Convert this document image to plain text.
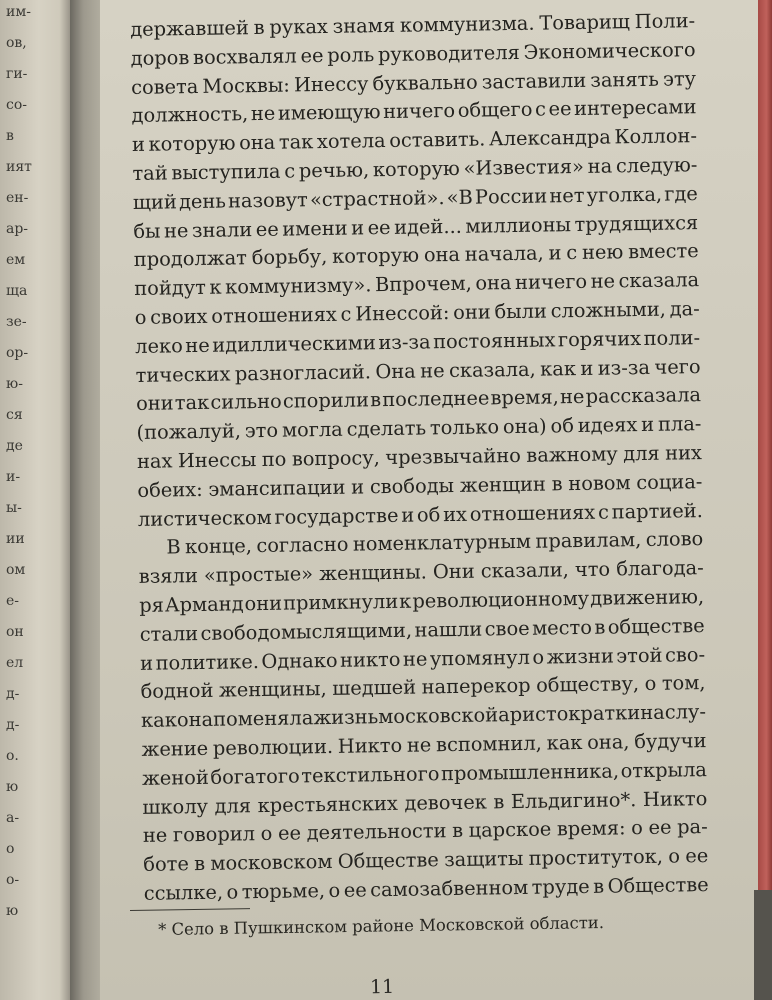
им-
ов,
ги-
со-
в
ият
ен-
ар-
ем
ща
зе-
ор-
ю-
ся
де
и-
ы-
ии
ом
е-
он
ел
д-
д-
о.
ю
а-
о
о-
ю
державшей в руках знамя коммунизма. Товарищ Поли-
доров восхвалял ее роль руководителя Экономического
совета Москвы: Инессу буквально заставили занять эту
должность, не имеющую ничего общего с ее интересами
и которую она так хотела оставить. Александра Коллон-
тай выступила с речью, которую «Известия» на следую-
щий день назовут «страстной». «В России нет уголка, где
бы не знали ее имени и ее идей... миллионы трудящихся
продолжат борьбу, которую она начала, и с нею вместе
пойдут к коммунизму». Впрочем, она ничего не сказала
о своих отношениях с Инессой: они были сложными, да-
леко не идиллическими из-за постоянных горячих поли-
тических разногласий. Она не сказала, как и из-за чего
они так сильно спорили в последнее время, не рассказала
(пожалуй, это могла сделать только она) об идеях и пла-
нах Инессы по вопросу, чрезвычайно важному для них
обеих: эмансипации и свободы женщин в новом социа-
листическом государстве и об их отношениях с партией.
В конце, согласно номенклатурным правилам, слово
взяли «простые» женщины. Они сказали, что благода-
ря Арманд они примкнули к революционному движению,
стали свободомыслящими, нашли свое место в обществе
и политике. Однако никто не упомянул о жизни этой сво-
бодной женщины, шедшей наперекор обществу, о том,
как она поменяла жизнь московской аристократки на слу-
жение революции. Никто не вспомнил, как она, будучи
женой богатого текстильного промышленника, открыла
школу для крестьянских девочек в Ельдигино*. Никто
не говорил о ее деятельности в царское время: о ее ра-
боте в московском Обществе защиты проституток, о ее
ссылке, о тюрьме, о ее самозабвенном труде в Обществе
* Село в Пушкинском районе Московской области.
11
